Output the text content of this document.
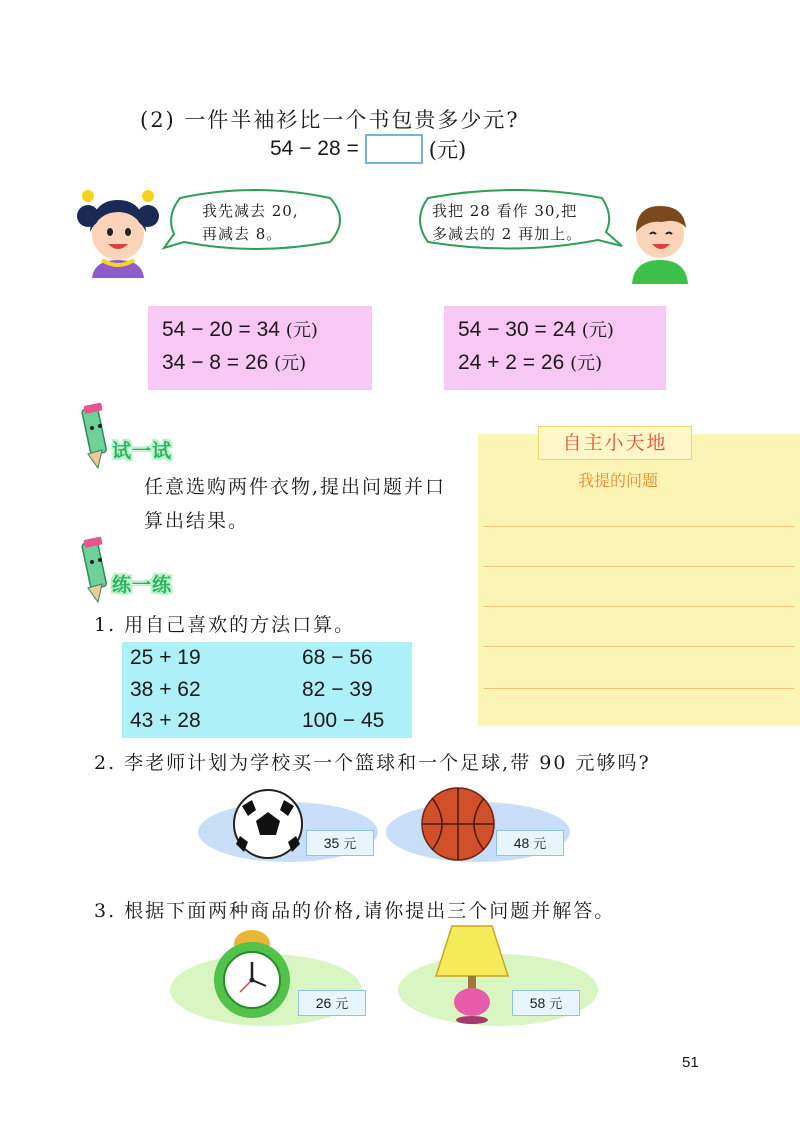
(2) 一件半袖衫比一个书包贵多少元?
54 − 28 =	(元)
我先减去 20,
再减去 8。
我把 28 看作 30,把
多减去的 2 再加上。
54 − 20 = 34 (元)
34 − 8 = 26 (元)
54 − 30 = 24 (元)
24 + 2 = 26 (元)
试一试
任意选购两件衣物,提出问题并口算出结果。
自主小天地
我提的问题
练一练
1. 用自己喜欢的方法口算。
25 + 19	68 − 56
38 + 62	82 − 39
43 + 28	100 − 45
2. 李老师计划为学校买一个篮球和一个足球,带 90 元够吗?
35 元	48 元
3. 根据下面两种商品的价格,请你提出三个问题并解答。
26 元	58 元
51
